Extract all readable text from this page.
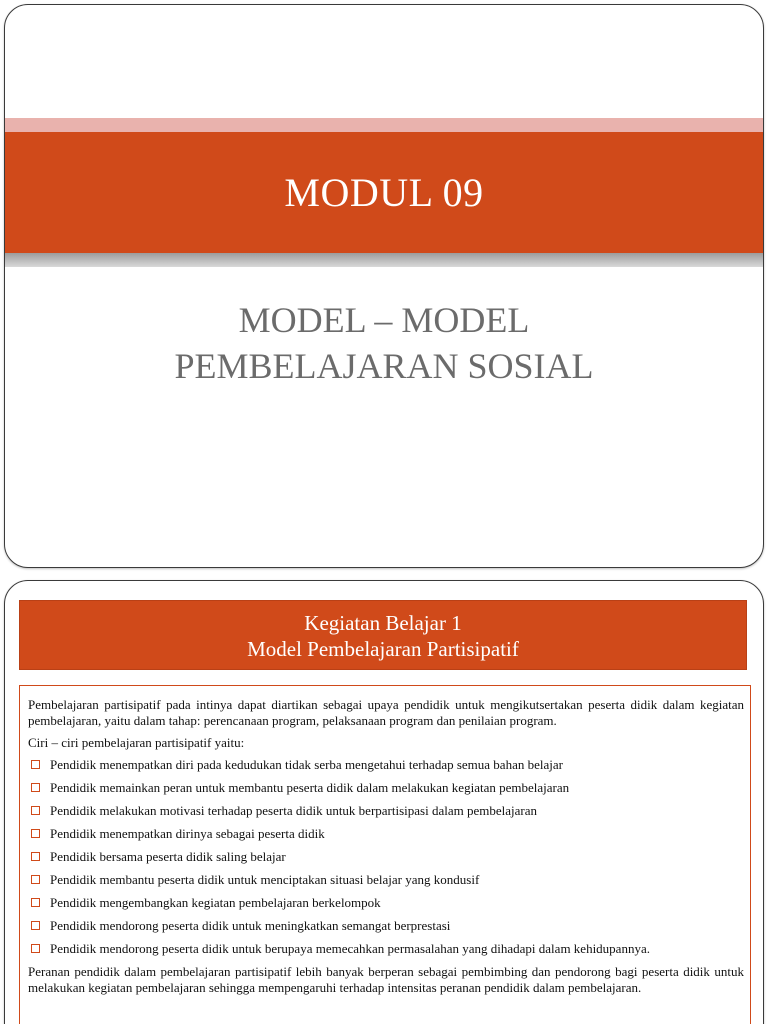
MODUL 09
MODEL – MODEL
PEMBELAJARAN SOSIAL
Kegiatan Belajar 1
Model Pembelajaran Partisipatif

Pembelajaran partisipatif pada intinya dapat diartikan sebagai upaya pendidik untuk mengikutsertakan peserta didik dalam kegiatan pembelajaran, yaitu dalam tahap: perencanaan program, pelaksanaan program dan penilaian program.

Ciri – ciri pembelajaran partisipatif yaitu:

Pendidik menempatkan diri pada kedudukan tidak serba mengetahui terhadap semua bahan belajar
Pendidik memainkan peran untuk membantu peserta didik dalam melakukan kegiatan pembelajaran
Pendidik melakukan motivasi terhadap peserta didik untuk berpartisipasi dalam pembelajaran
Pendidik menempatkan dirinya sebagai peserta didik
Pendidik bersama peserta didik saling belajar
Pendidik membantu peserta didik untuk menciptakan situasi belajar yang kondusif
Pendidik mengembangkan kegiatan pembelajaran berkelompok
Pendidik mendorong peserta didik untuk meningkatkan semangat berprestasi
Pendidik mendorong peserta didik untuk berupaya memecahkan permasalahan yang dihadapi dalam kehidupannya.

Peranan pendidik dalam pembelajaran partisipatif lebih banyak berperan sebagai pembimbing dan pendorong bagi peserta didik untuk melakukan kegiatan pembelajaran sehingga mempengaruhi terhadap intensitas peranan pendidik dalam pembelajaran.
